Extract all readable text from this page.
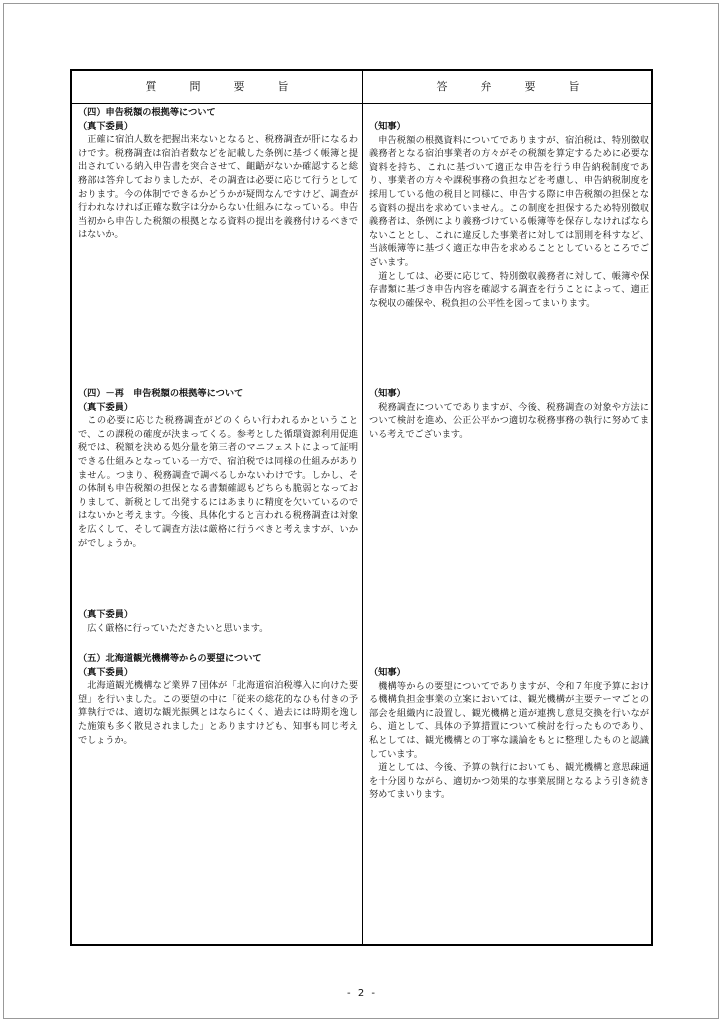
質問要旨	答弁要旨
（四）申告税額の根拠等について
（真下委員）
正確に宿泊人数を把握出来ないとなると、税務調査が肝になるわけです。税務調査は宿泊者数などを記載した条例に基づく帳簿と提出されている納入申告書を突合させて、齟齬がないか確認すると総務部は答弁しておりましたが、その調査は必要に応じて行うとしております。今の体制でできるかどうかが疑問なんですけど、調査が行われなければ正確な数字は分からない仕組みになっている。申告当初から申告した税額の根拠となる資料の提出を義務付けるべきではないか。
（四）－再　申告税額の根拠等について
（真下委員）
この必要に応じた税務調査がどのくらい行われるかということで、この課税の確度が決まってくる。参考とした循環資源利用促進税では、税額を決める処分量を第三者のマニフェストによって証明できる仕組みとなっている一方で、宿泊税では同様の仕組みがありません。つまり、税務調査で調べるしかないわけです。しかし、その体制も申告税額の担保となる書類確認もどちらも脆弱となっておりまして、新税として出発するにはあまりに精度を欠いているのではないかと考えます。今後、具体化すると言われる税務調査は対象を広くして、そして調査方法は厳格に行うべきと考えますが、いかがでしょうか。
（真下委員）
広く厳格に行っていただきたいと思います。
（五）北海道観光機構等からの要望について
（真下委員）
北海道観光機構など業界７団体が「北海道宿泊税導入に向けた要望」を行いました。この要望の中に「従来の総花的なひも付きの予算執行では、適切な観光振興とはならにくく、過去には時期を逸した施策も多く散見されました」とありますけども、知事も同じ考えでしょうか。
（知事）
申告税額の根拠資料についてでありますが、宿泊税は、特別徴収義務者となる宿泊事業者の方々がその税額を算定するために必要な資料を持ち、これに基づいて適正な申告を行う申告納税制度であり、事業者の方々や課税事務の負担などを考慮し、申告納税制度を採用している他の税目と同様に、申告する際に申告税額の担保となる資料の提出を求めていません。この制度を担保するため特別徴収義務者は、条例により義務づけている帳簿等を保存しなければならないこととし、これに違反した事業者に対しては罰則を科すなど、当該帳簿等に基づく適正な申告を求めることとしているところでございます。
道としては、必要に応じて、特別徴収義務者に対して、帳簿や保存書類に基づき申告内容を確認する調査を行うことによって、適正な税収の確保や、税負担の公平性を図ってまいります。
（知事）
税務調査についてでありますが、今後、税務調査の対象や方法について検討を進め、公正公平かつ適切な税務事務の執行に努めてまいる考えでございます。
（知事）
機構等からの要望についてでありますが、令和７年度予算における機構負担金事業の立案においては、観光機構が主要テーマごとの部会を組織内に設置し、観光機構と道が連携し意見交換を行いながら、道として、具体の予算措置について検討を行ったものであり、私としては、観光機構との丁寧な議論をもとに整理したものと認識しています。
道としては、今後、予算の執行においても、観光機構と意思疎通を十分図りながら、適切かつ効果的な事業展開となるよう引き続き努めてまいります。
- 2 -
